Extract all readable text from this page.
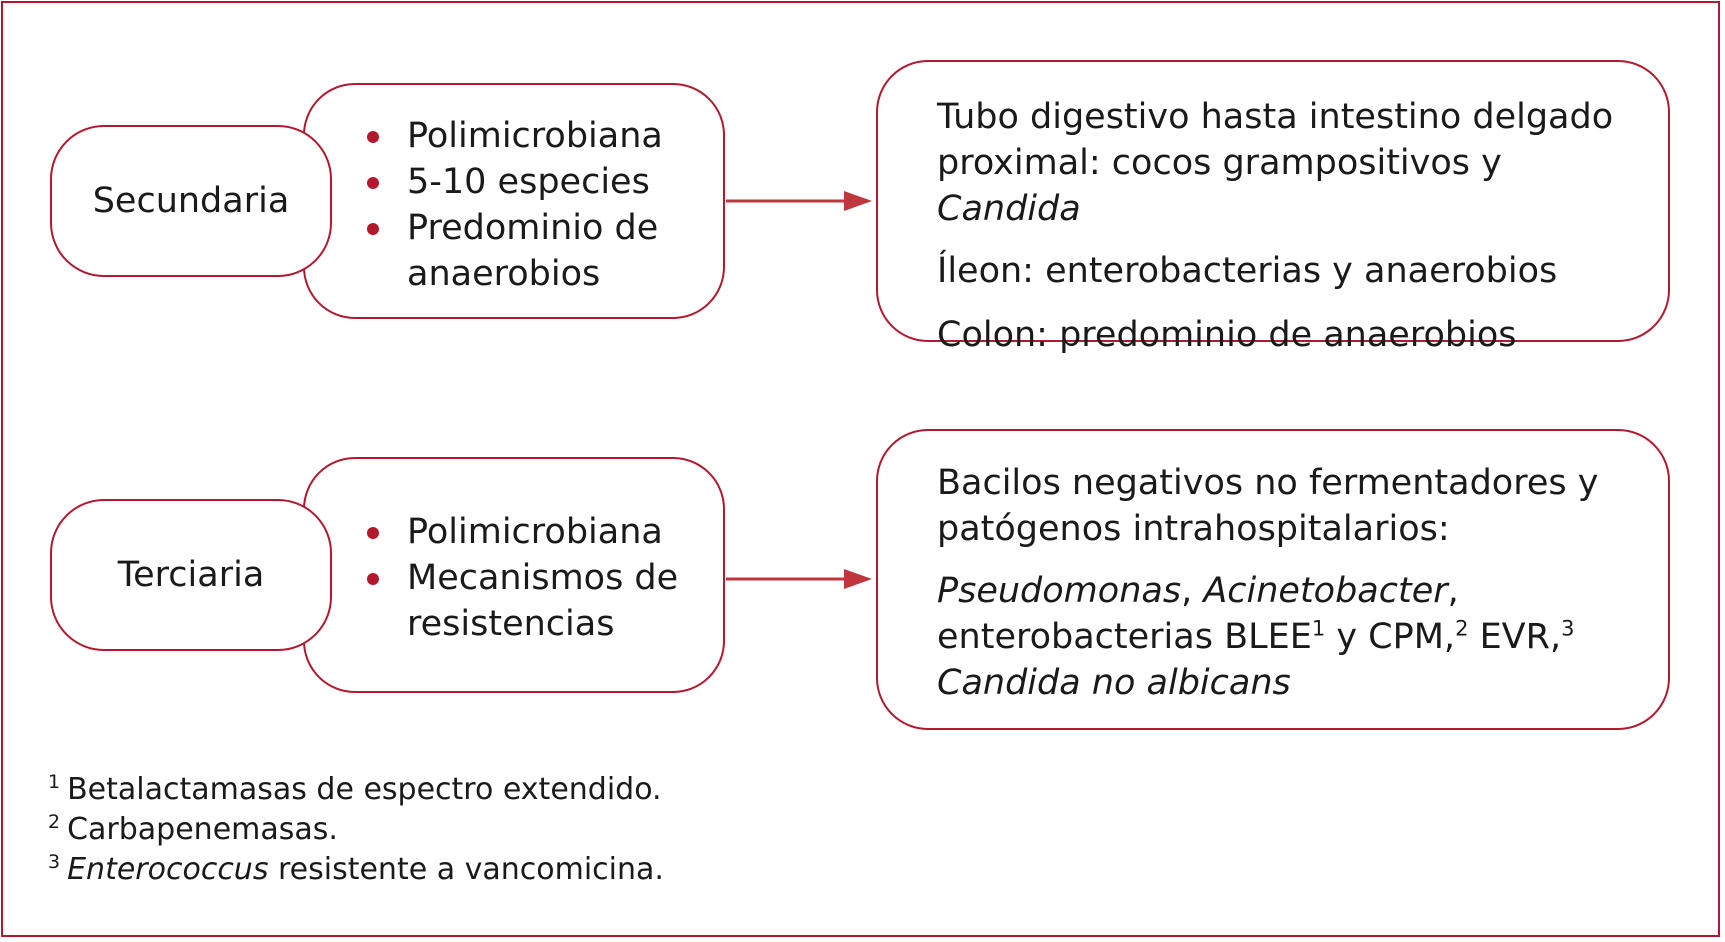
Secundaria
Polimicrobiana
5-10 especies
Predominio de anaerobios

Tubo digestivo hasta intestino delgado proximal: cocos grampositivos y Candida

Íleon: enterobacterias y anaerobios

Colon: predominio de anaerobios

Terciaria
Polimicrobiana
Mecanismos de resistencias

Bacilos negativos no fermentadores y patógenos intrahospitalarios:

Pseudomonas, Acinetobacter, enterobacterias BLEE$^1$ y CPM,$^2$ EVR,$^3$
Candida no albicans

$^1$ Betalactamasas de espectro extendido.
$^2$ Carbapenemasas.
$^3$ Enterococcus resistente a vancomicina.
